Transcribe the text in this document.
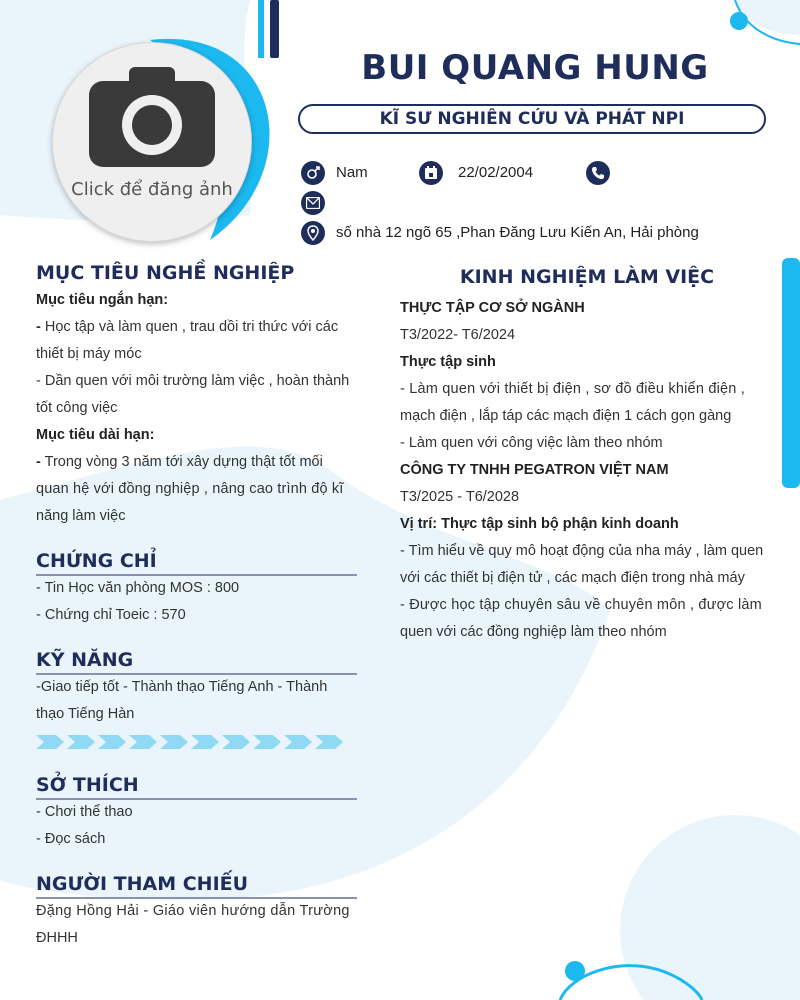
Click để đăng ảnh
BUI QUANG HUNG
KĨ SƯ NGHIÊN CỨU VÀ PHÁT NPI
Nam	22/02/2004
số nhà 12 ngõ 65 ,Phan Đăng Lưu Kiến An, Hải phòng
MỤC TIÊU NGHỀ NGHIỆP
Mục tiêu ngắn hạn:
- Học tập và làm quen , trau dồi tri thức với các
thiết bị máy móc
- Dần quen với môi trường làm việc , hoàn thành
tốt công việc
Mục tiêu dài hạn:
- Trong vòng 3 năm tới xây dựng thật tốt mối
quan hệ với đồng nghiệp , nâng cao trình độ kĩ
năng làm việc
CHỨNG CHỈ
- Tin Học văn phòng MOS : 800
- Chứng chỉ Toeic : 570
KỸ NĂNG
-Giao tiếp tốt - Thành thạo Tiếng Anh - Thành
thạo Tiếng Hàn
SỞ THÍCH
- Chơi thể thao
- Đọc sách
NGƯỜI THAM CHIẾU
Đặng Hồng Hải - Giáo viên hướng dẫn Trường
ĐHHH
KINH NGHIỆM LÀM VIỆC
THỰC TẬP CƠ SỞ NGÀNH
T3/2022- T6/2024
Thực tập sinh
- Làm quen với thiết bị điện , sơ đồ điều khiển điện ,
mạch điện , lắp táp các mạch điện 1 cách gọn gàng
- Làm quen với công việc làm theo nhóm
CÔNG TY TNHH PEGATRON VIỆT NAM
T3/2025 - T6/2028
Vị trí: Thực tập sinh bộ phận kinh doanh
- Tìm hiểu về quy mô hoạt động của nha máy , làm quen
với các thiết bị điện tử , các mạch điện trong nhà máy
- Được học tập chuyên sâu về chuyên môn , được làm
quen với các đồng nghiệp làm theo nhóm
